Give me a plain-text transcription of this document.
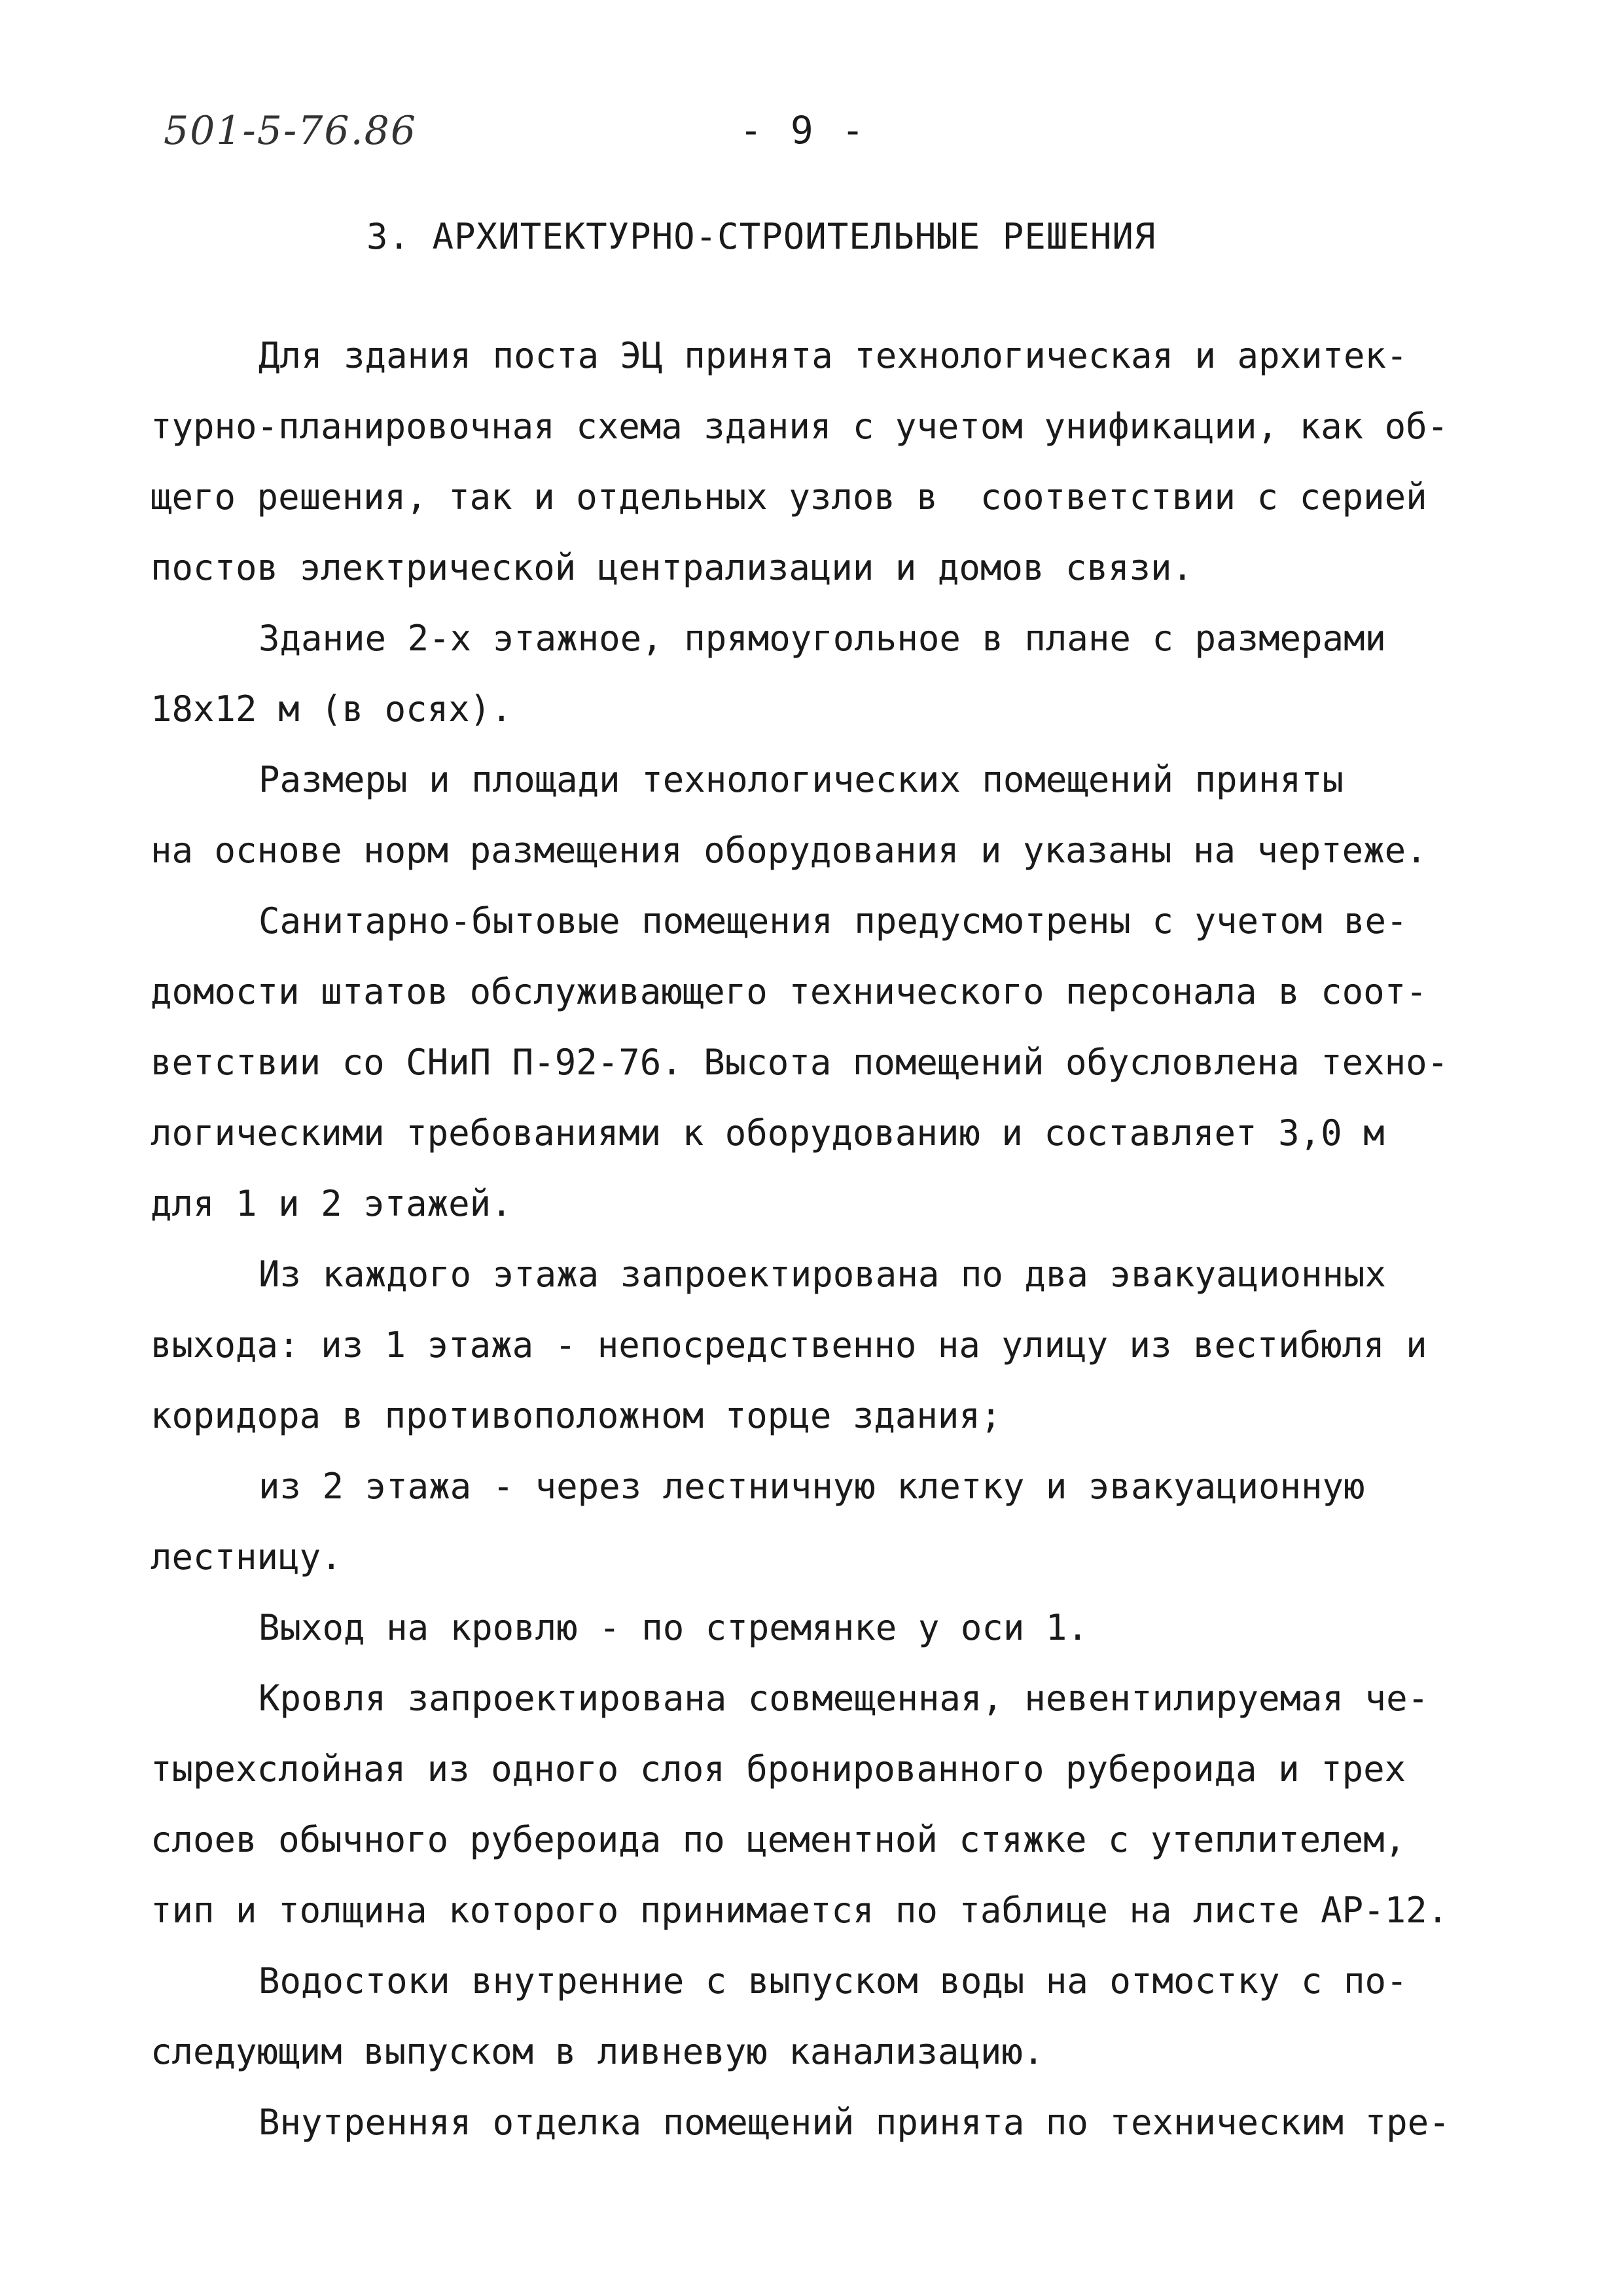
501-5-76.86	- 9 -
3. АРХИТЕКТУРНО-СТРОИТЕЛЬНЫЕ РЕШЕНИЯ
Для здания поста ЭЦ принята технологическая и архитек-
турно-планировочная схема здания с учетом унификации, как об-
щего решения, так и отдельных узлов в  соответствии с серией
постов электрической централизации и домов связи.
Здание 2-х этажное, прямоугольное в плане с размерами
18х12 м (в осях).
Размеры и площади технологических помещений приняты
на основе норм размещения оборудования и указаны на чертеже.
Санитарно-бытовые помещения предусмотрены с учетом ве-
домости штатов обслуживающего технического персонала в соот-
ветствии со СНиП П-92-76. Высота помещений обусловлена техно-
логическими требованиями к оборудованию и составляет 3,0 м
для 1 и 2 этажей.
Из каждого этажа запроектирована по два эвакуационных
выхода: из 1 этажа - непосредственно на улицу из вестибюля и
коридора в противоположном торце здания;
из 2 этажа - через лестничную клетку и эвакуационную
лестницу.
Выход на кровлю - по стремянке у оси 1.
Кровля запроектирована совмещенная, невентилируемая че-
тырехслойная из одного слоя бронированного рубероида и трех
слоев обычного рубероида по цементной стяжке с утеплителем,
тип и толщина которого принимается по таблице на листе АР-12.
Водостоки внутренние с выпуском воды на отмостку с по-
следующим выпуском в ливневую канализацию.
Внутренняя отделка помещений принята по техническим тре-
